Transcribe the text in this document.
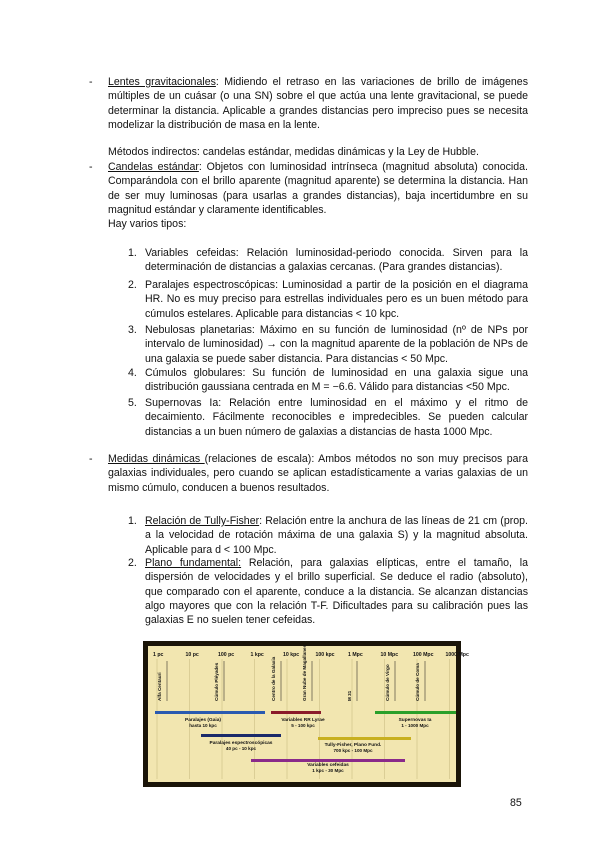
- Lentes gravitacionales: Midiendo el retraso en las variaciones de brillo de imágenes múltiples de un cuásar (o una SN) sobre el que actúa una lente gravitacional, se puede determinar la distancia. Aplicable a grandes distancias pero impreciso pues se necesita modelizar la distribución de masa en la lente.
Métodos indirectos: candelas estándar, medidas dinámicas y la Ley de Hubble.
- Candelas estándar: Objetos con luminosidad intrínseca (magnitud absoluta) conocida. Comparándola con el brillo aparente (magnitud aparente) se determina la distancia. Han de ser muy luminosas (para usarlas a grandes distancias), baja incertidumbre en su magnitud estándar y claramente identificables.
Hay varios tipos:
1. Variables cefeidas: Relación luminosidad-periodo conocida. Sirven para la determinación de distancias a galaxias cercanas. (Para grandes distancias).
2. Paralajes espectroscópicas: Luminosidad a partir de la posición en el diagrama HR. No es muy preciso para estrellas individuales pero es un buen método para cúmulos estelares. Aplicable para distancias < 10 kpc.
3. Nebulosas planetarias: Máximo en su función de luminosidad (nº de NPs por intervalo de luminosidad) → con la magnitud aparente de la población de NPs de una galaxia se puede saber distancia. Para distancias < 50 Mpc.
4. Cúmulos globulares: Su función de luminosidad en una galaxia sigue una distribución gaussiana centrada en M = −6.6. Válido para distancias <50 Mpc.
5. Supernovas Ia: Relación entre luminosidad en el máximo y el ritmo de decaimiento. Fácilmente reconocibles e impredecibles. Se pueden calcular distancias a un buen número de galaxias a distancias de hasta 1000 Mpc.
- Medidas dinámicas (relaciones de escala): Ambos métodos no son muy precisos para galaxias individuales, pero cuando se aplican estadísticamente a varias galaxias de un mismo cúmulo, conducen a buenos resultados.
1. Relación de Tully-Fisher: Relación entre la anchura de las líneas de 21 cm (prop. a la velocidad de rotación máxima de una galaxia S) y la magnitud absoluta. Aplicable para d < 100 Mpc.
2. Plano fundamental: Relación, para galaxias elípticas, entre el tamaño, la dispersión de velocidades y el brillo superficial. Se deduce el radio (absoluto), que comparado con el aparente, conduce a la distancia. Se alcanzan distancias algo mayores que con la relación T-F. Dificultades para su calibración pues las galaxias E no suelen tener cefeidas.
1 pc	10 pc	100 pc	1 kpc	10 kpc	100 kpc	1 Mpc	10 Mpc	100 Mpc 1000 Mpc
Alfa Centauri	Cúmulo Pléyades	Centro de la Galaxia	Gran Nube de Magallanes	M 31	Cúmulo de Virgo	Cúmulo de Coma
Paralajes (Gaia)
hasta 10 kpc
Variables RR Lyrae
5 - 100 kpc
Supernovas Ia
1 - 1000 Mpc
Paralajes espectroscópicas
40 pc - 10 kpc
Tully-Fisher, Plano Fund.
700 kpc - 100 Mpc
Variables cefeidas
1 kpc - 30 Mpc
85
